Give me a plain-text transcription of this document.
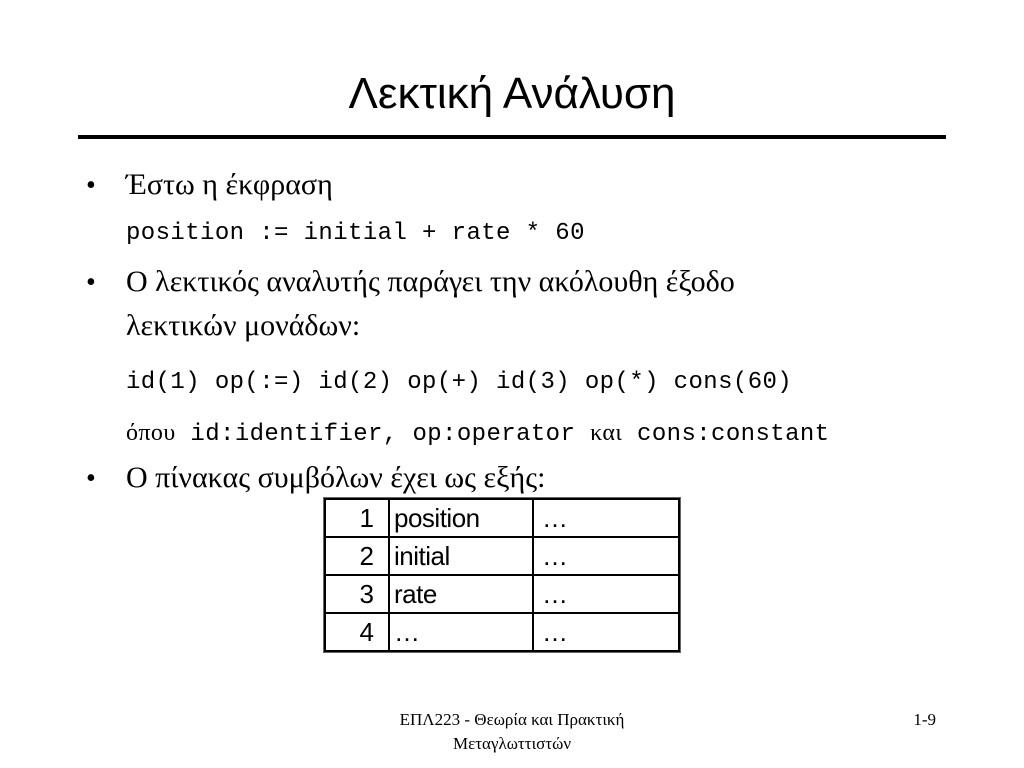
Λεκτική Ανάλυση
• Έστω η έκφραση
position := initial + rate * 60
• Ο λεκτικός αναλυτής παράγει την ακόλουθη έξοδο
λεκτικών μονάδων:
id(1) op(:=) id(2) op(+) id(3) op(*) cons(60)
όπου id:identifier, op:operator και cons:constant
• Ο πίνακας συμβόλων έχει ως εξής:
1	position	…
2	initial	…
3	rate	…
4	…	…
ΕΠΛ223 - Θεωρία και Πρακτική
Μεταγλωττιστών
1-9
